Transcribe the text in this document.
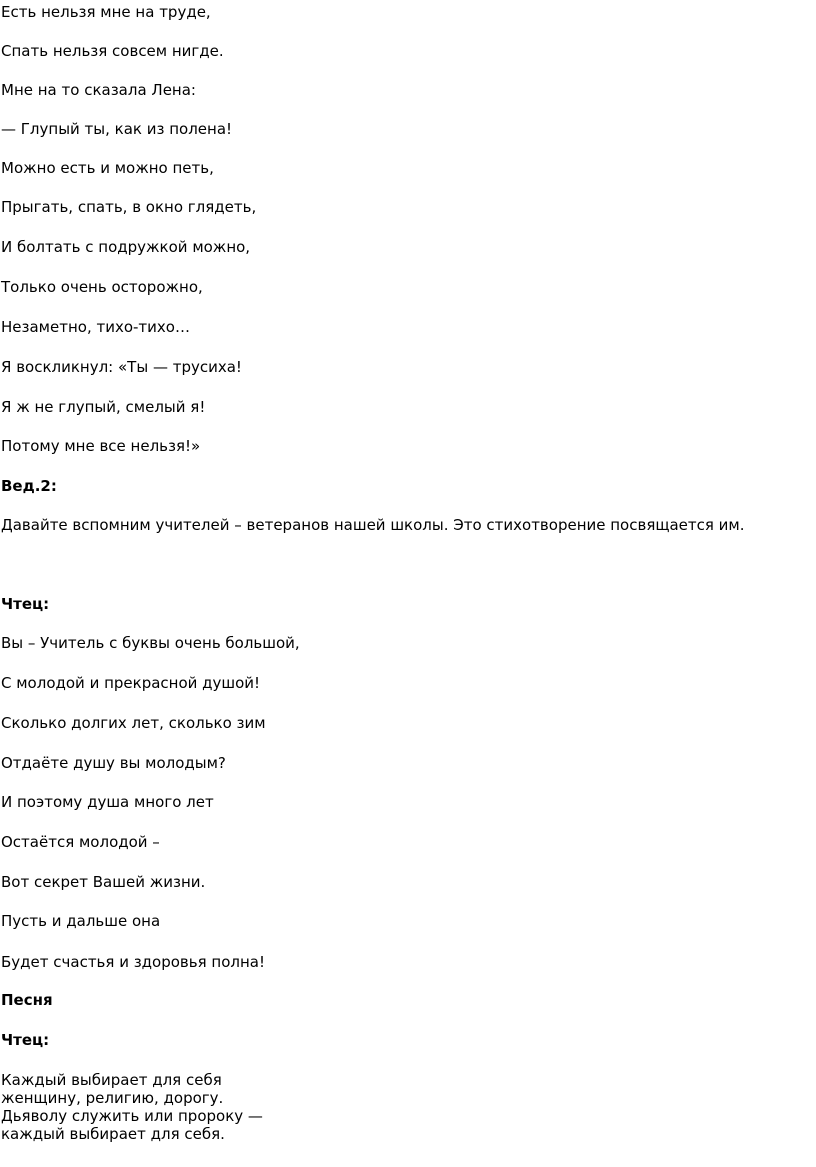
Есть нельзя мне на труде,
Спать нельзя совсем нигде.
Мне на то сказала Лена:
— Глупый ты, как из полена!
Можно есть и можно петь,
Прыгать, спать, в окно глядеть,
И болтать с подружкой можно,
Только очень осторожно,
Незаметно, тихо-тихо…
Я воскликнул: «Ты — трусиха!
Я ж не глупый, смелый я!
Потому мне все нельзя!»
Вед.2:
Давайте вспомним учителей – ветеранов нашей школы. Это стихотворение посвящается им.
Чтец:
Вы – Учитель с буквы очень большой,
С молодой и прекрасной душой!
Сколько долгих лет, сколько зим
Отдаёте душу вы молодым?
И поэтому душа много лет
Остаётся молодой –
Вот секрет Вашей жизни.
Пусть и дальше она
Будет счастья и здоровья полна!
Песня
Чтец:
Каждый выбирает для себя
женщину, религию, дорогу.
Дьяволу служить или пророку —
каждый выбирает для себя.
